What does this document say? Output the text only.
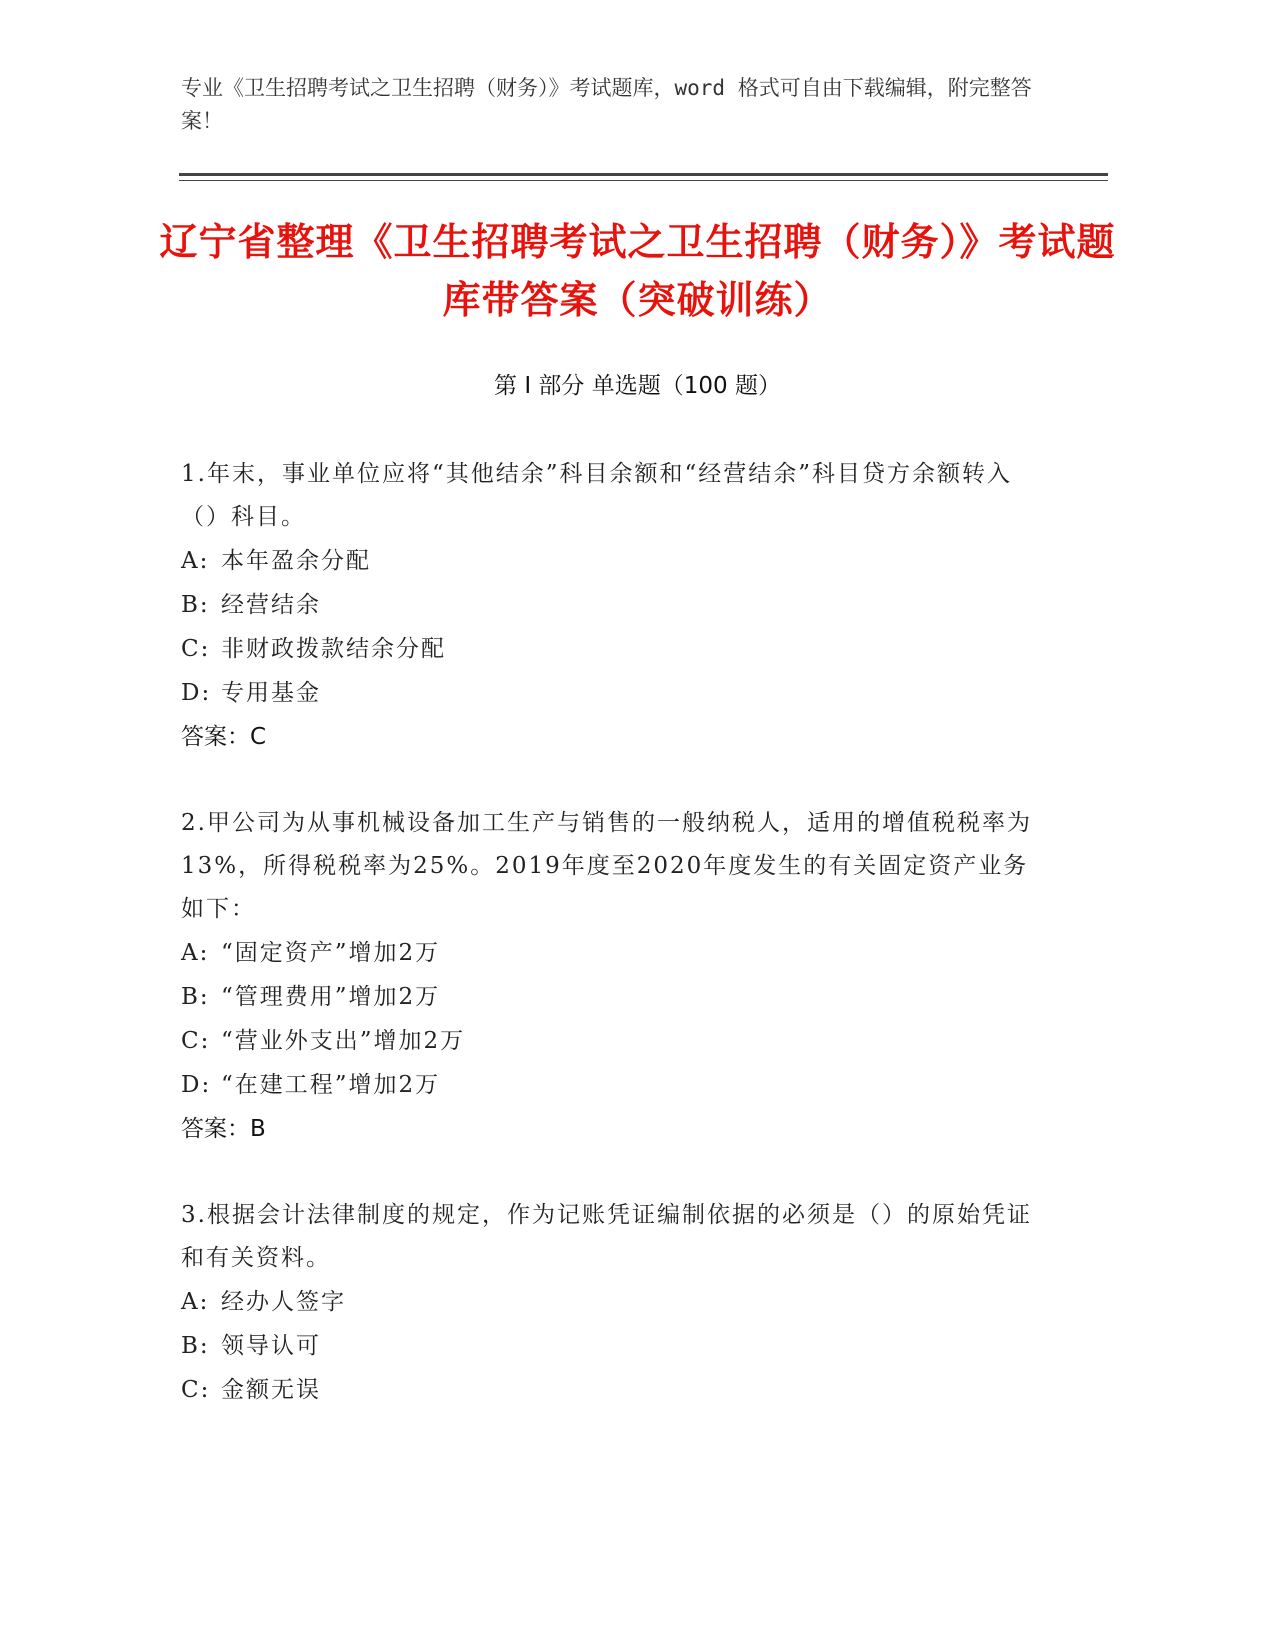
专业《卫生招聘考试之卫生招聘（财务）》考试题库，word 格式可自由下载编辑，附完整答案！
辽宁省整理《卫生招聘考试之卫生招聘（财务）》考试题库带答案（突破训练）
第 I 部分 单选题（100 题）
1.年末，事业单位应将“其他结余”科目余额和“经营结余”科目贷方余额转入（）科目。
A: 本年盈余分配
B: 经营结余
C: 非财政拨款结余分配
D: 专用基金
答案：C
2.甲公司为从事机械设备加工生产与销售的一般纳税人，适用的增值税税率为13%，所得税税率为25%。2019年度至2020年度发生的有关固定资产业务如下：
A: “固定资产”增加2万
B: “管理费用”增加2万
C: “营业外支出”增加2万
D: “在建工程”增加2万
答案：B
3.根据会计法律制度的规定，作为记账凭证编制依据的必须是（）的原始凭证和有关资料。
A: 经办人签字
B: 领导认可
C: 金额无误
